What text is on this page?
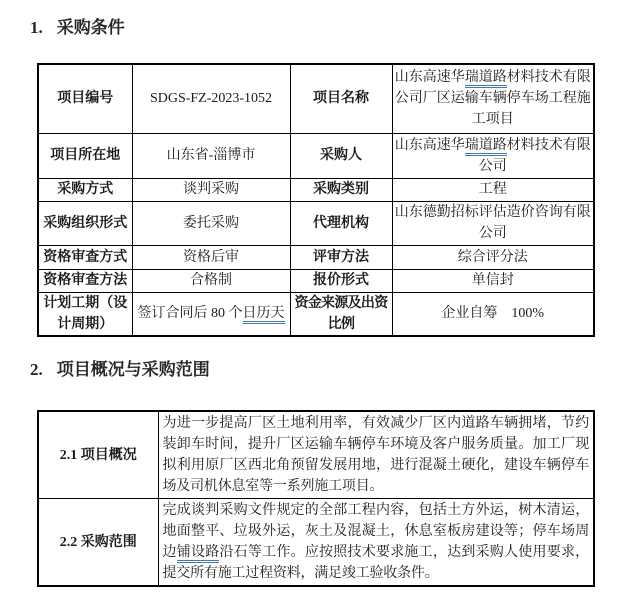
1. 采购条件
项目编号	SDGS-FZ-2023-1052	项目名称	山东高速华瑞道路材料技术有限公司厂区运输车辆停车场工程施工项目
项目所在地	山东省-淄博市	采购人	山东高速华瑞道路材料技术有限公司
采购方式	谈判采购	采购类别	工程
采购组织形式	委托采购	代理机构	山东德勤招标评估造价咨询有限公司
资格审查方式	资格后审	评审方法	综合评分法
资格审查方法	合格制	报价形式	单信封
计划工期（设计周期）	签订合同后 80 个日历天	资金来源及出资比例	企业自筹　100%
2. 项目概况与采购范围
2.1 项目概况	为进一步提高厂区土地利用率，有效减少厂区内道路车辆拥堵，节约装卸车时间，提升厂区运输车辆停车环境及客户服务质量。加工厂现拟利用原厂区西北角预留发展用地，进行混凝土硬化，建设车辆停车场及司机休息室等一系列施工项目。
2.2 采购范围	完成谈判采购文件规定的全部工程内容，包括土方外运，树木清运，地面整平、垃圾外运，灰土及混凝土，休息室板房建设等；停车场周边铺设路沿石等工作。应按照技术要求施工，达到采购人使用要求，提交所有施工过程资料，满足竣工验收条件。
